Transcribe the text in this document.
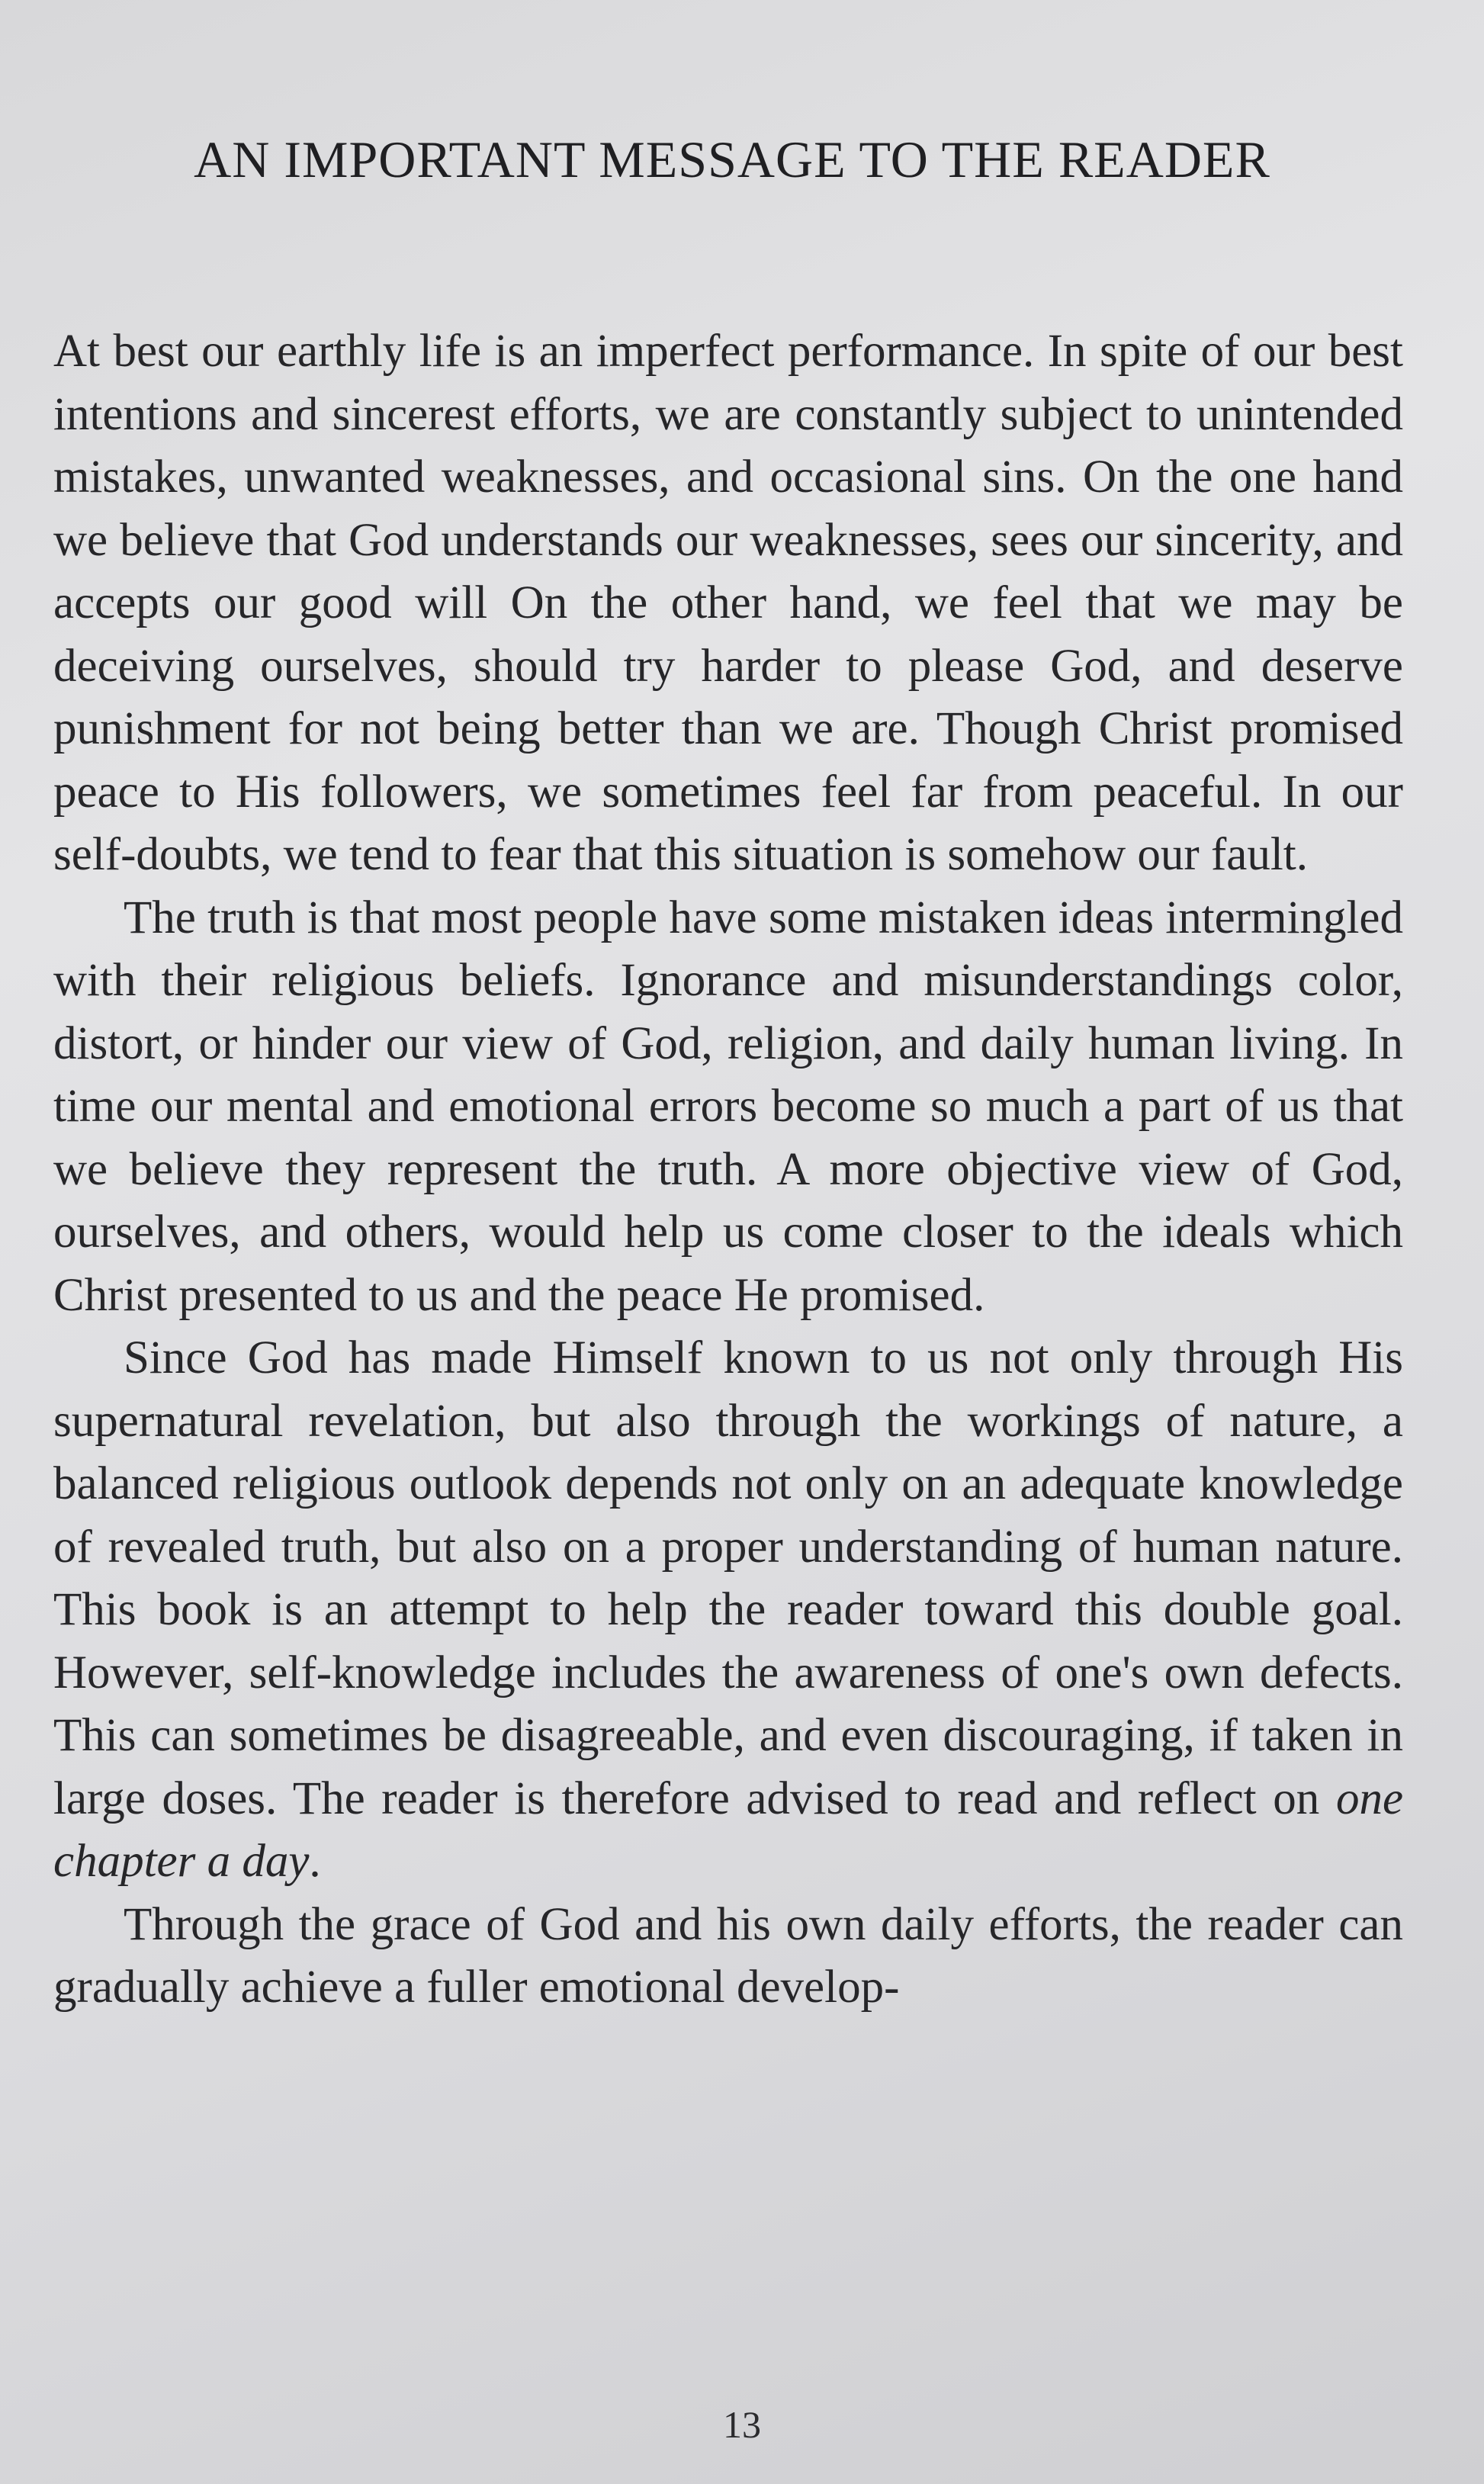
AN IMPORTANT MESSAGE TO THE READER

At best our earthly life is an imperfect performance. In spite of our best intentions and sincerest efforts, we are constantly subject to unintended mistakes, unwanted weaknesses, and occasional sins. On the one hand we believe that God understands our weaknesses, sees our sincerity, and accepts our good will On the other hand, we feel that we may be deceiving ourselves, should try harder to please God, and deserve punishment for not being better than we are. Though Christ promised peace to His followers, we sometimes feel far from peaceful. In our self-doubts, we tend to fear that this situation is somehow our fault.

The truth is that most people have some mistaken ideas intermingled with their religious beliefs. Ignorance and misunderstandings color, distort, or hinder our view of God, religion, and daily human living. In time our mental and emotional errors become so much a part of us that we believe they represent the truth. A more objective view of God, ourselves, and others, would help us come closer to the ideals which Christ presented to us and the peace He promised.

Since God has made Himself known to us not only through His supernatural revelation, but also through the workings of nature, a balanced religious outlook depends not only on an adequate knowledge of revealed truth, but also on a proper understanding of human nature. This book is an attempt to help the reader toward this double goal. However, self-knowledge includes the awareness of one's own defects. This can sometimes be disagreeable, and even discouraging, if taken in large doses. The reader is therefore advised to read and reflect on one chapter a day.

Through the grace of God and his own daily efforts, the reader can gradually achieve a fuller emotional develop-

13
